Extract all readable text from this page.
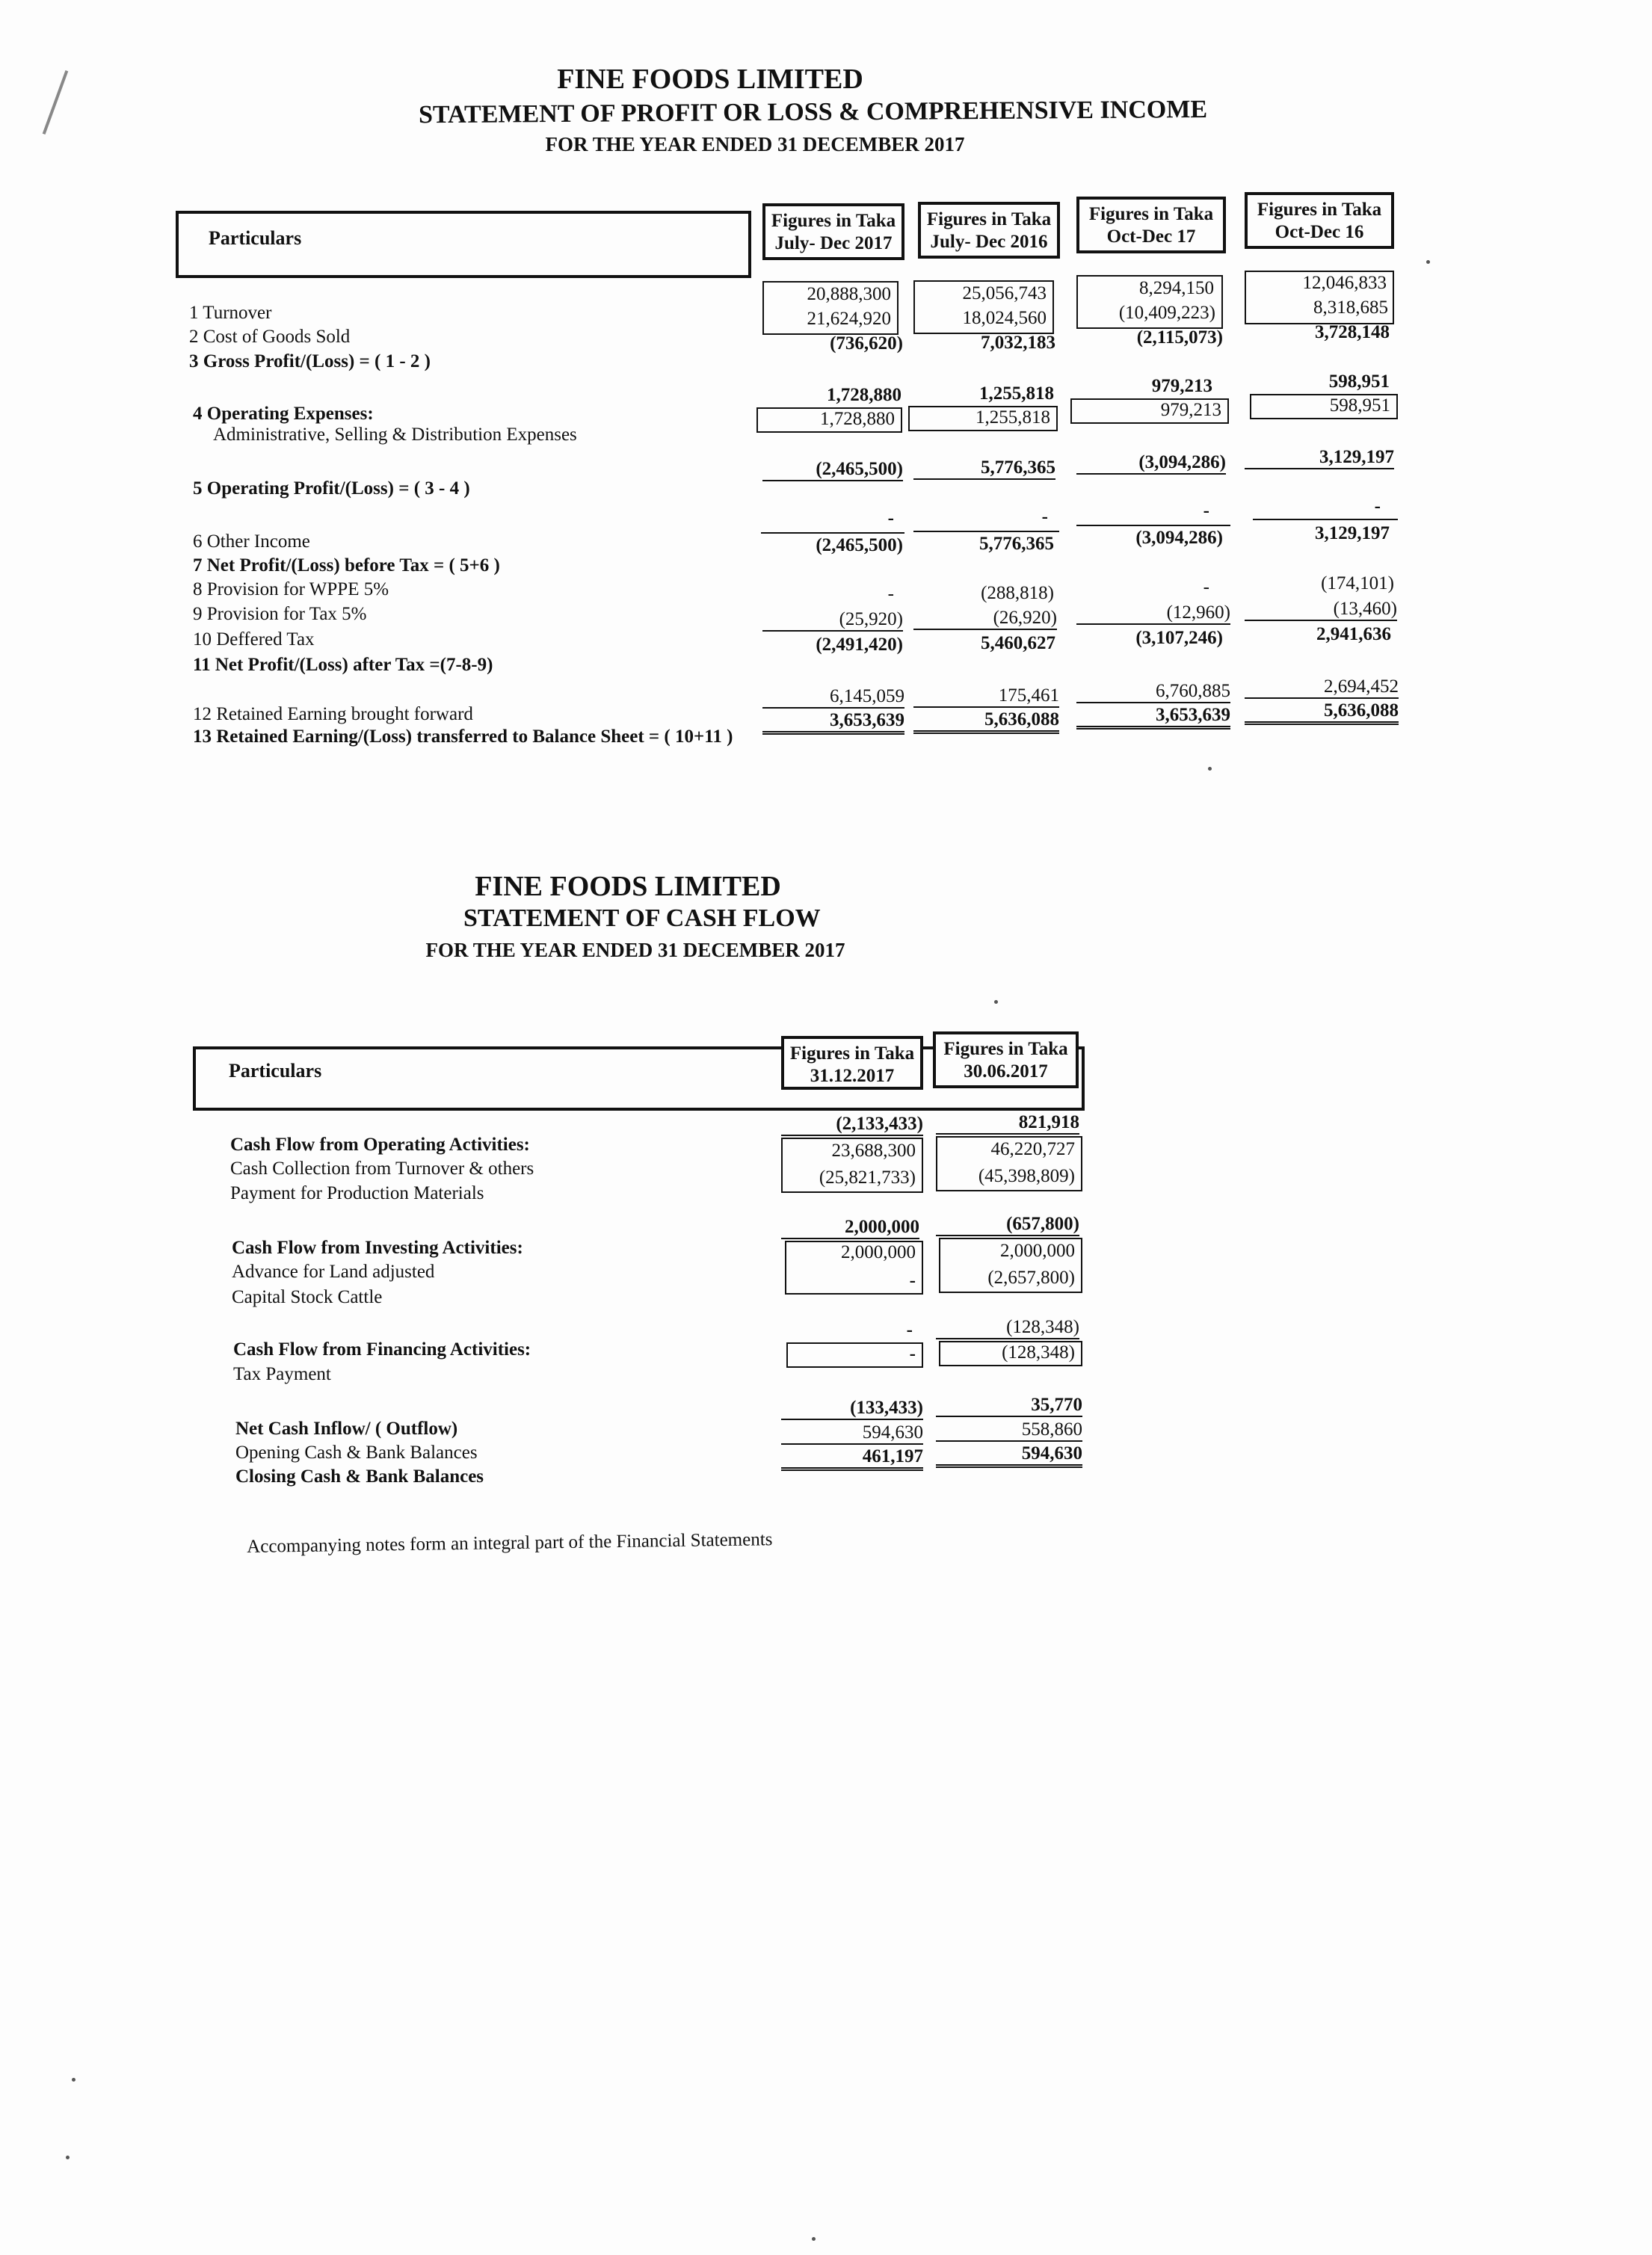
FINE FOODS LIMITED
STATEMENT OF PROFIT OR LOSS & COMPREHENSIVE INCOME
FOR THE YEAR ENDED 31 DECEMBER 2017
Particulars
Figures in Taka
July- Dec 2017
Figures in Taka
July- Dec 2016
Figures in Taka
Oct-Dec 17
Figures in Taka
Oct-Dec 16
1 Turnover
2 Cost of Goods Sold
3 Gross Profit/(Loss) = ( 1 - 2 )
4 Operating Expenses:
Administrative, Selling & Distribution Expenses
5 Operating Profit/(Loss) = ( 3 - 4 )
6 Other Income
7 Net Profit/(Loss) before Tax = ( 5+6 )
8 Provision for WPPE 5%
9 Provision for Tax 5%
10 Deffered Tax
11 Net Profit/(Loss) after Tax =(7-8-9)
12 Retained Earning brought forward
13 Retained Earning/(Loss) transferred to Balance Sheet = ( 10+11 )
20,888,300
21,624,920
(736,620)
1,728,880
1,728,880
(2,465,500)
-
(2,465,500)
-
(25,920)
(2,491,420)
6,145,059
3,653,639
25,056,743
18,024,560
7,032,183
1,255,818
1,255,818
5,776,365
-
5,776,365
(288,818)
(26,920)
5,460,627
175,461
5,636,088
8,294,150
(10,409,223)
(2,115,073)
979,213
979,213
(3,094,286)
-
(3,094,286)
-
(12,960)
(3,107,246)
6,760,885
3,653,639
12,046,833
8,318,685
3,728,148
598,951
598,951
3,129,197
-
3,129,197
(174,101)
(13,460)
2,941,636
2,694,452
5,636,088
FINE FOODS LIMITED
STATEMENT OF CASH FLOW
FOR THE YEAR ENDED 31 DECEMBER 2017
Particulars
Figures in Taka
31.12.2017
Figures in Taka
30.06.2017
Cash Flow from Operating Activities:
Cash Collection from Turnover & others
Payment for Production Materials
Cash Flow from Investing Activities:
Advance for Land adjusted
Capital Stock Cattle
Cash Flow from Financing Activities:
Tax Payment
Net Cash Inflow/ ( Outflow)
Opening Cash & Bank Balances
Closing Cash & Bank Balances
(2,133,433)
23,688,300
(25,821,733)
2,000,000
2,000,000
-
-
-
(133,433)
594,630
461,197
821,918
46,220,727
(45,398,809)
(657,800)
2,000,000
(2,657,800)
(128,348)
(128,348)
35,770
558,860
594,630
Accompanying notes form an integral part of the Financial Statements
